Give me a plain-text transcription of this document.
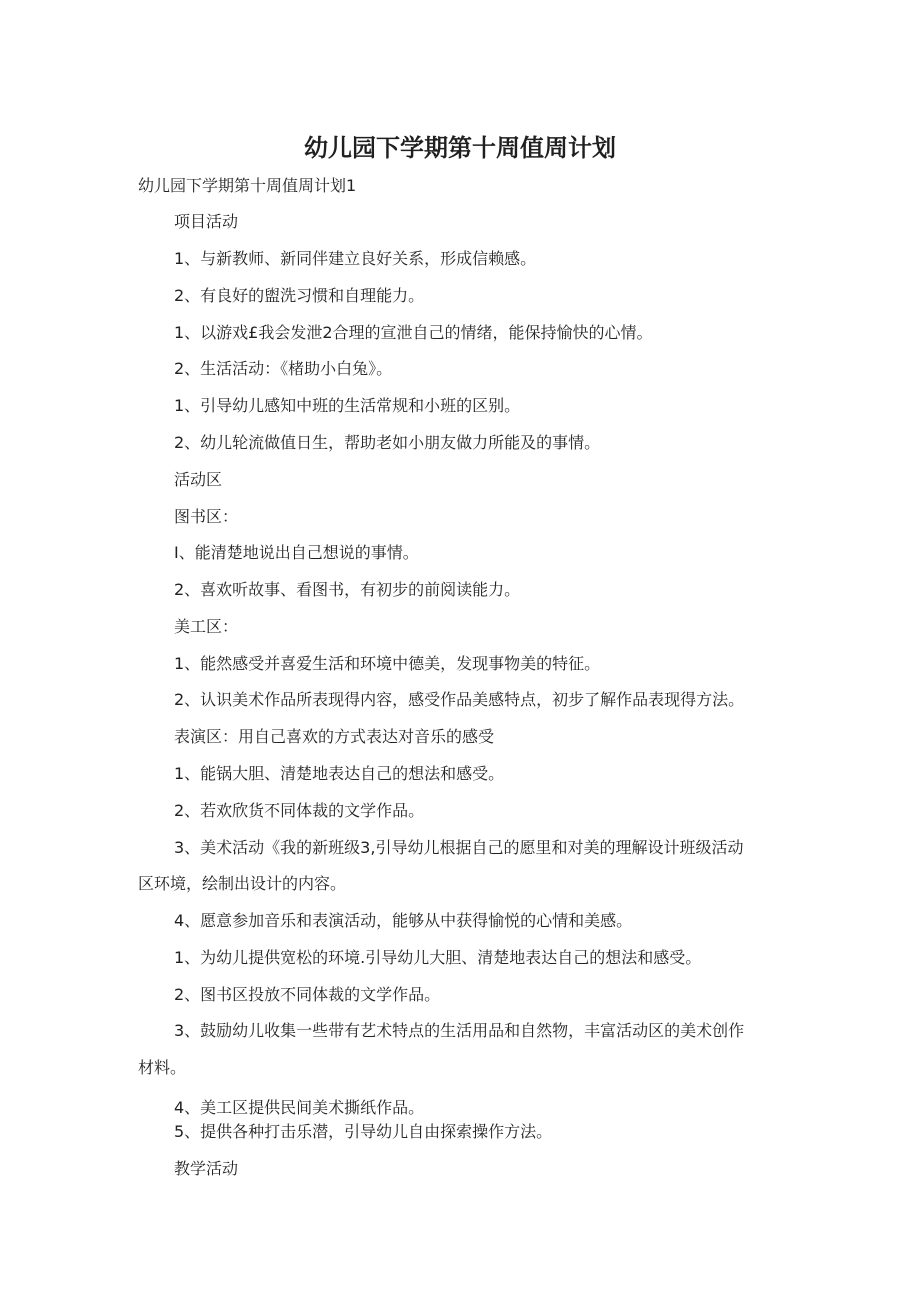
幼儿园下学期第十周值周计划
幼儿园下学期第十周值周计划1
项目活动
1、与新教师、新同伴建立良好关系，形成信赖感。
2、有良好的盥洗习惯和自理能力。
1、以游戏£我会发泄2合理的宣泄自己的情绪，能保持愉快的心情。
2、生活活动：《楮助小白兔》。
1、引导幼儿感知中班的生活常规和小班的区别。
2、幼儿轮流做值日生，帮助老如小朋友做力所能及的事情。
活动区
图书区：
I、能清楚地说出自己想说的事情。
2、喜欢听故事、看图书，有初步的前阅读能力。
美工区：
1、能然感受并喜爱生活和环境中德美，发现事物美的特征。
2、认识美术作品所表现得内容，感受作品美感特点，初步了解作品表现得方法。
表演区：用自己喜欢的方式表达对音乐的感受
1、能锅大胆、清楚地表达自己的想法和感受。
2、若欢欣货不同体裁的文学作品。
3、美术活动《我的新班级3,引导幼儿根据自己的愿里和对美的理解设计班级活动
区环境，绘制出设计的内容。
4、愿意参加音乐和表演活动，能够从中获得愉悦的心情和美感。
1、为幼儿提供宽松的环境.引导幼儿大胆、清楚地表达自己的想法和感受。
2、图书区投放不同体裁的文学作品。
3、鼓励幼儿收集一些带有艺术特点的生活用品和自然物，丰富活动区的美术创作
材料。
4、美工区提供民间美术撕纸作品。
5、提供各种打击乐潜，引导幼儿自由探索操作方法。
教学活动
